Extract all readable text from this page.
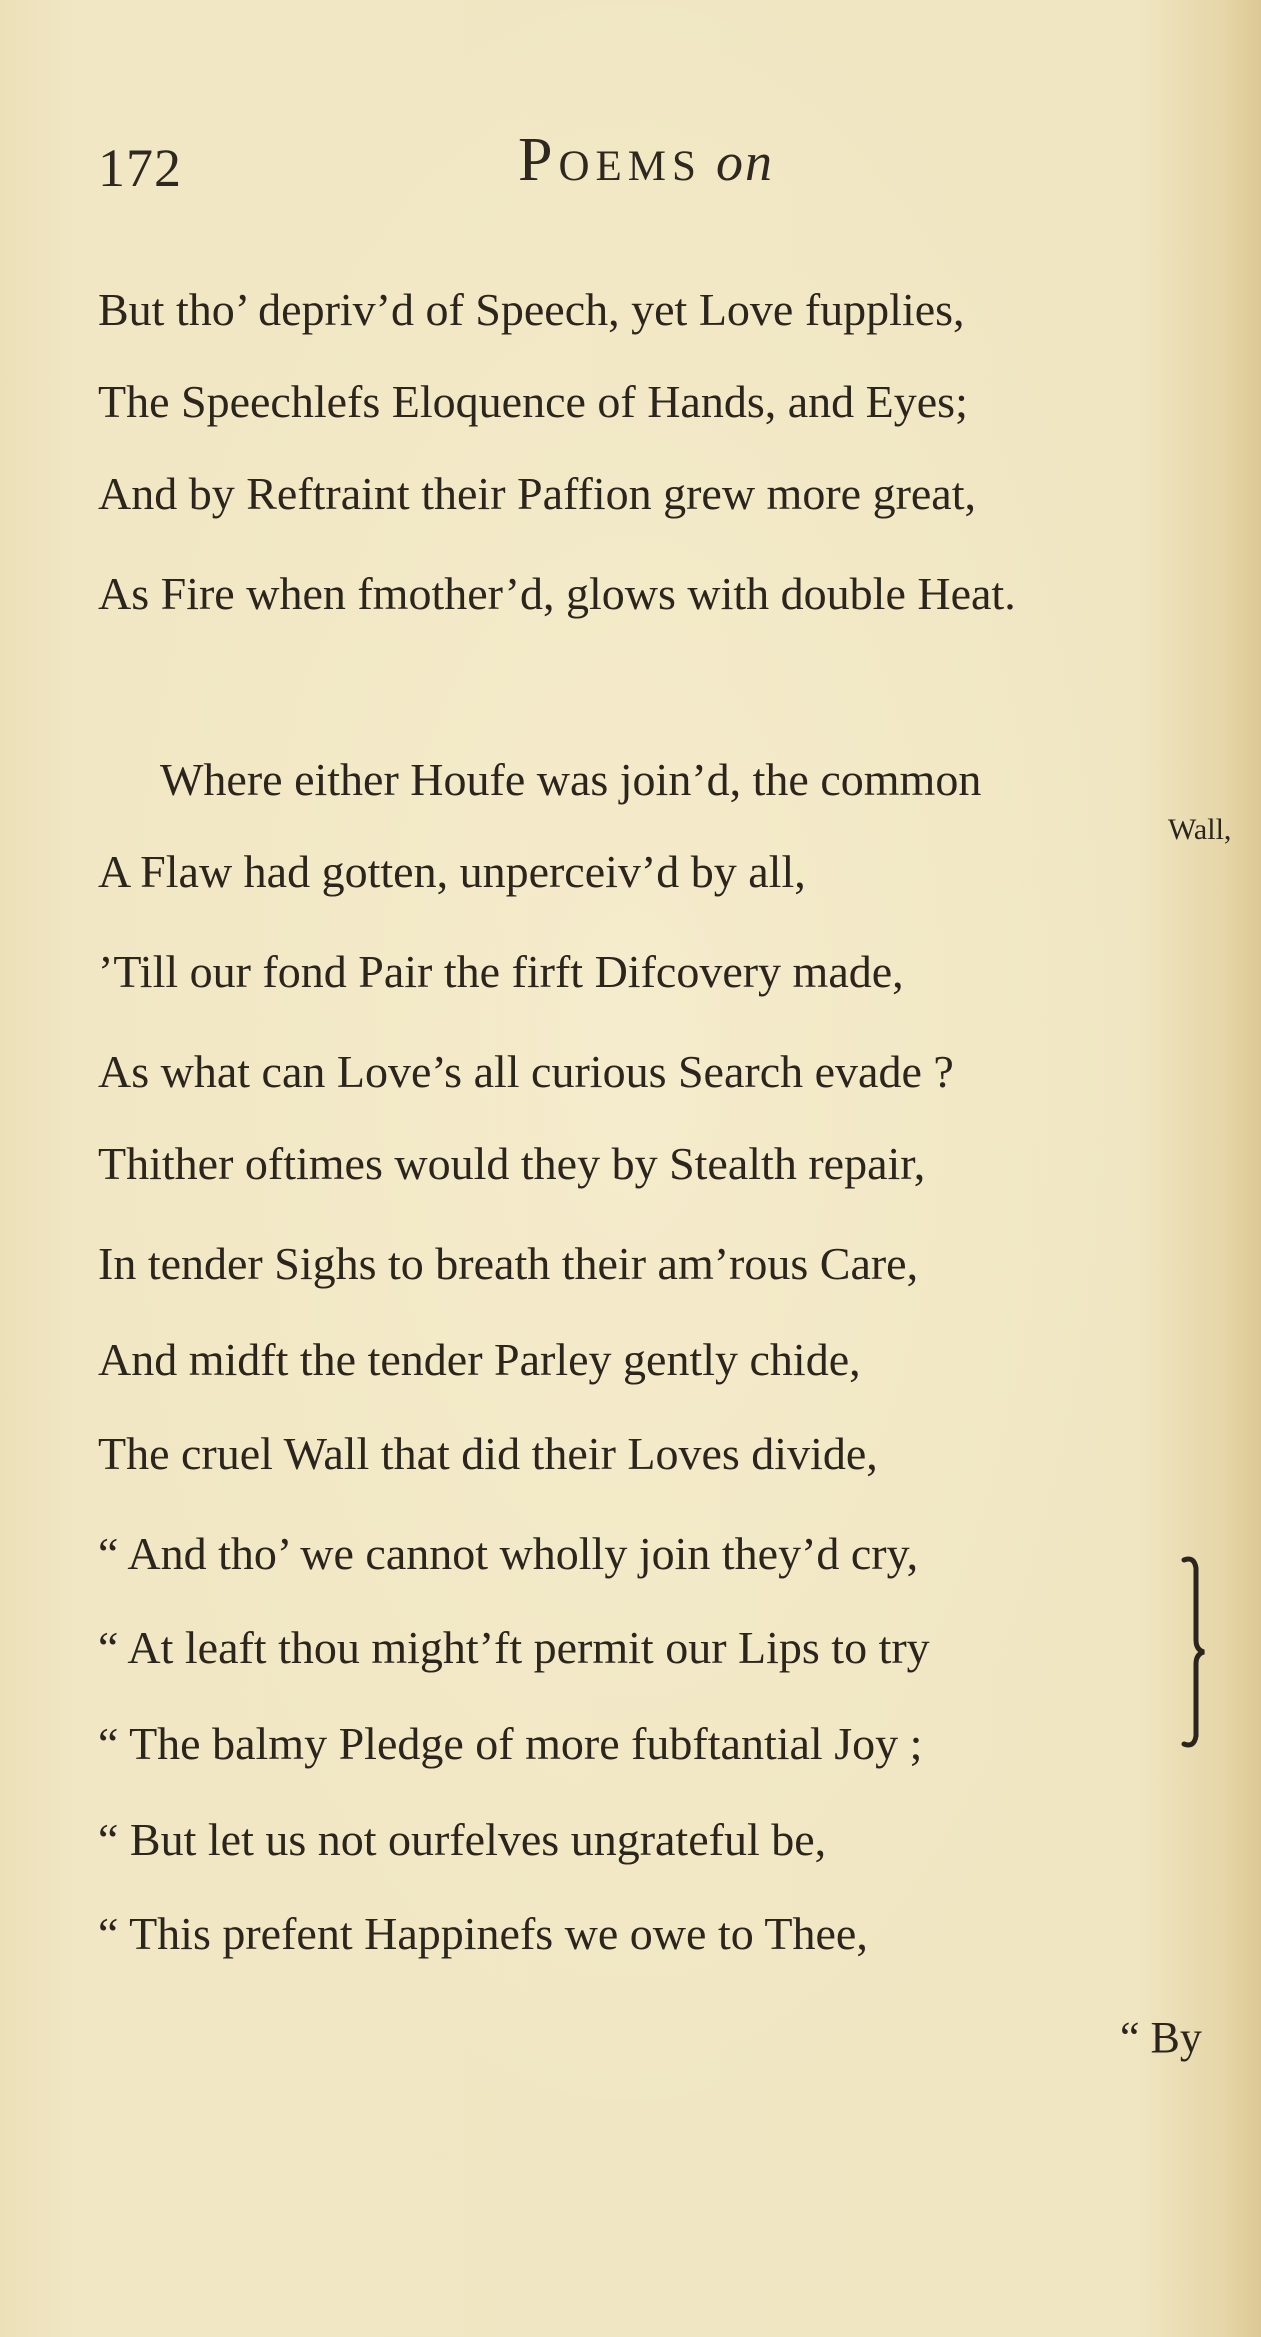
172	Poems on
But tho’ depriv’d of Speech, yet Love fupplies,
The Speechlefs Eloquence of Hands, and Eyes;
And by Reftraint their Paffion grew more great,
As Fire when fmother’d, glows with double Heat.
Where either Houfe was join’d, the common
Wall,
A Flaw had gotten, unperceiv’d by all,
’Till our fond Pair the firft Difcovery made,
As what can Love’s all curious Search evade ?
Thither oftimes would they by Stealth repair,
In tender Sighs to breath their am’rous Care,
And midft the tender Parley gently chide,
The cruel Wall that did their Loves divide,
“ And tho’ we cannot wholly join they’d cry,
“ At leaft thou might’ft permit our Lips to try
“ The balmy Pledge of more fubftantial Joy ;
“ But let us not ourfelves ungrateful be,
“ This prefent Happinefs we owe to Thee,
“ By
